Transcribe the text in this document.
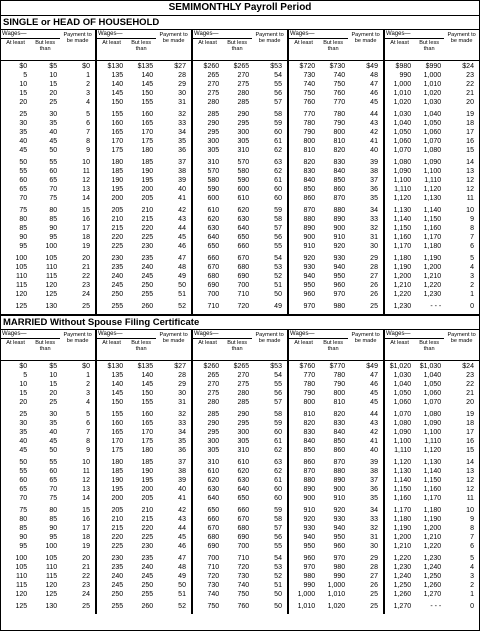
SEMIMONTHLY Payroll Period
SINGLE or HEAD OF HOUSEHOLD
Wages—
At least	But less than
Payment to be made
$0	$5	$0
5	10	1
10	15	2
15	20	3
20	25	4
25	30	5
30	35	6
35	40	7
40	45	8
45	50	9
50	55	10
55	60	11
60	65	12
65	70	13
70	75	14
75	80	15
80	85	16
85	90	17
90	95	18
95	100	19
100	105	20
105	110	21
110	115	22
115	120	23
120	125	24
125	130	25
Wages—
At least	But less than
Payment to be made
$130	$135	$27
135	140	28
140	145	29
145	150	30
150	155	31
155	160	32
160	165	33
165	170	34
170	175	35
175	180	36
180	185	37
185	190	38
190	195	39
195	200	40
200	205	41
205	210	42
210	215	43
215	220	44
220	225	45
225	230	46
230	235	47
235	240	48
240	245	49
245	250	50
250	255	51
255	260	52
Wages—
At least	But less than
Payment to be made
$260	$265	$53
265	270	54
270	275	55
275	280	56
280	285	57
285	290	58
290	295	59
295	300	60
300	305	61
305	310	62
310	570	63
570	580	62
580	590	61
590	600	60
600	610	60
610	620	59
620	630	58
630	640	57
640	650	56
650	660	55
660	670	54
670	680	53
680	690	52
690	700	51
700	710	50
710	720	49
Wages—
At least	But less than
Payment to be made
$720	$730	$49
730	740	48
740	750	47
750	760	46
760	770	45
770	780	44
780	790	43
790	800	42
800	810	41
810	820	40
820	830	39
830	840	38
840	850	37
850	860	36
860	870	35
870	880	34
880	890	33
890	900	32
900	910	31
910	920	30
920	930	29
930	940	28
940	950	27
950	960	26
960	970	26
970	980	25
Wages—
At least	But less than
Payment to be made
$980	$990	$24
990	1,000	23
1,000	1,010	22
1,010	1,020	21
1,020	1,030	20
1,030	1,040	19
1,040	1,050	18
1,050	1,060	17
1,060	1,070	16
1,070	1,080	15
1,080	1,090	14
1,090	1,100	13
1,100	1,110	12
1,110	1,120	12
1,120	1,130	11
1,130	1,140	10
1,140	1,150	9
1,150	1,160	8
1,160	1,170	7
1,170	1,180	6
1,180	1,190	5
1,190	1,200	4
1,200	1,210	3
1,210	1,220	2
1,220	1,230	1
1,230	- - -	0
MARRIED Without Spouse Filing Certificate
Wages—
At least	But less than
Payment to be made
$0	$5	$0
5	10	1
10	15	2
15	20	3
20	25	4
25	30	5
30	35	6
35	40	7
40	45	8
45	50	9
50	55	10
55	60	11
60	65	12
65	70	13
70	75	14
75	80	15
80	85	16
85	90	17
90	95	18
95	100	19
100	105	20
105	110	21
110	115	22
115	120	23
120	125	24
125	130	25
Wages—
At least	But less than
Payment to be made
$130	$135	$27
135	140	28
140	145	29
145	150	30
150	155	31
155	160	32
160	165	33
165	170	34
170	175	35
175	180	36
180	185	37
185	190	38
190	195	39
195	200	40
200	205	41
205	210	42
210	215	43
215	220	44
220	225	45
225	230	46
230	235	47
235	240	48
240	245	49
245	250	50
250	255	51
255	260	52
Wages—
At least	But less than
Payment to be made
$260	$265	$53
265	270	54
270	275	55
275	280	56
280	285	57
285	290	58
290	295	59
295	300	60
300	305	61
305	310	62
310	610	63
610	620	62
620	630	61
630	640	60
640	650	60
650	660	59
660	670	58
670	680	57
680	690	56
690	700	55
700	710	54
710	720	53
720	730	52
730	740	51
740	750	50
750	760	50
Wages—
At least	But less than
Payment to be made
$760	$770	$49
770	780	47
780	790	46
790	800	45
800	810	45
810	820	44
820	830	43
830	840	42
840	850	41
850	860	40
860	870	39
870	880	38
880	890	37
890	900	36
900	910	35
910	920	34
920	930	33
930	940	32
940	950	31
950	960	30
960	970	29
970	980	28
980	990	27
990	1,000	26
1,000	1,010	25
1,010	1,020	25
Wages—
At least	But less than
Payment to be made
$1,020	$1,030	$24
1,030	1,040	23
1,040	1,050	22
1,050	1,060	21
1,060	1,070	20
1,070	1,080	19
1,080	1,090	18
1,090	1,100	17
1,100	1,110	16
1,110	1,120	15
1,120	1,130	14
1,130	1,140	13
1,140	1,150	12
1,150	1,160	12
1,160	1,170	11
1,170	1,180	10
1,180	1,190	9
1,190	1,200	8
1,200	1,210	7
1,210	1,220	6
1,220	1,230	5
1,230	1,240	4
1,240	1,250	3
1,250	1,260	2
1,260	1,270	1
1,270	- - -	0
